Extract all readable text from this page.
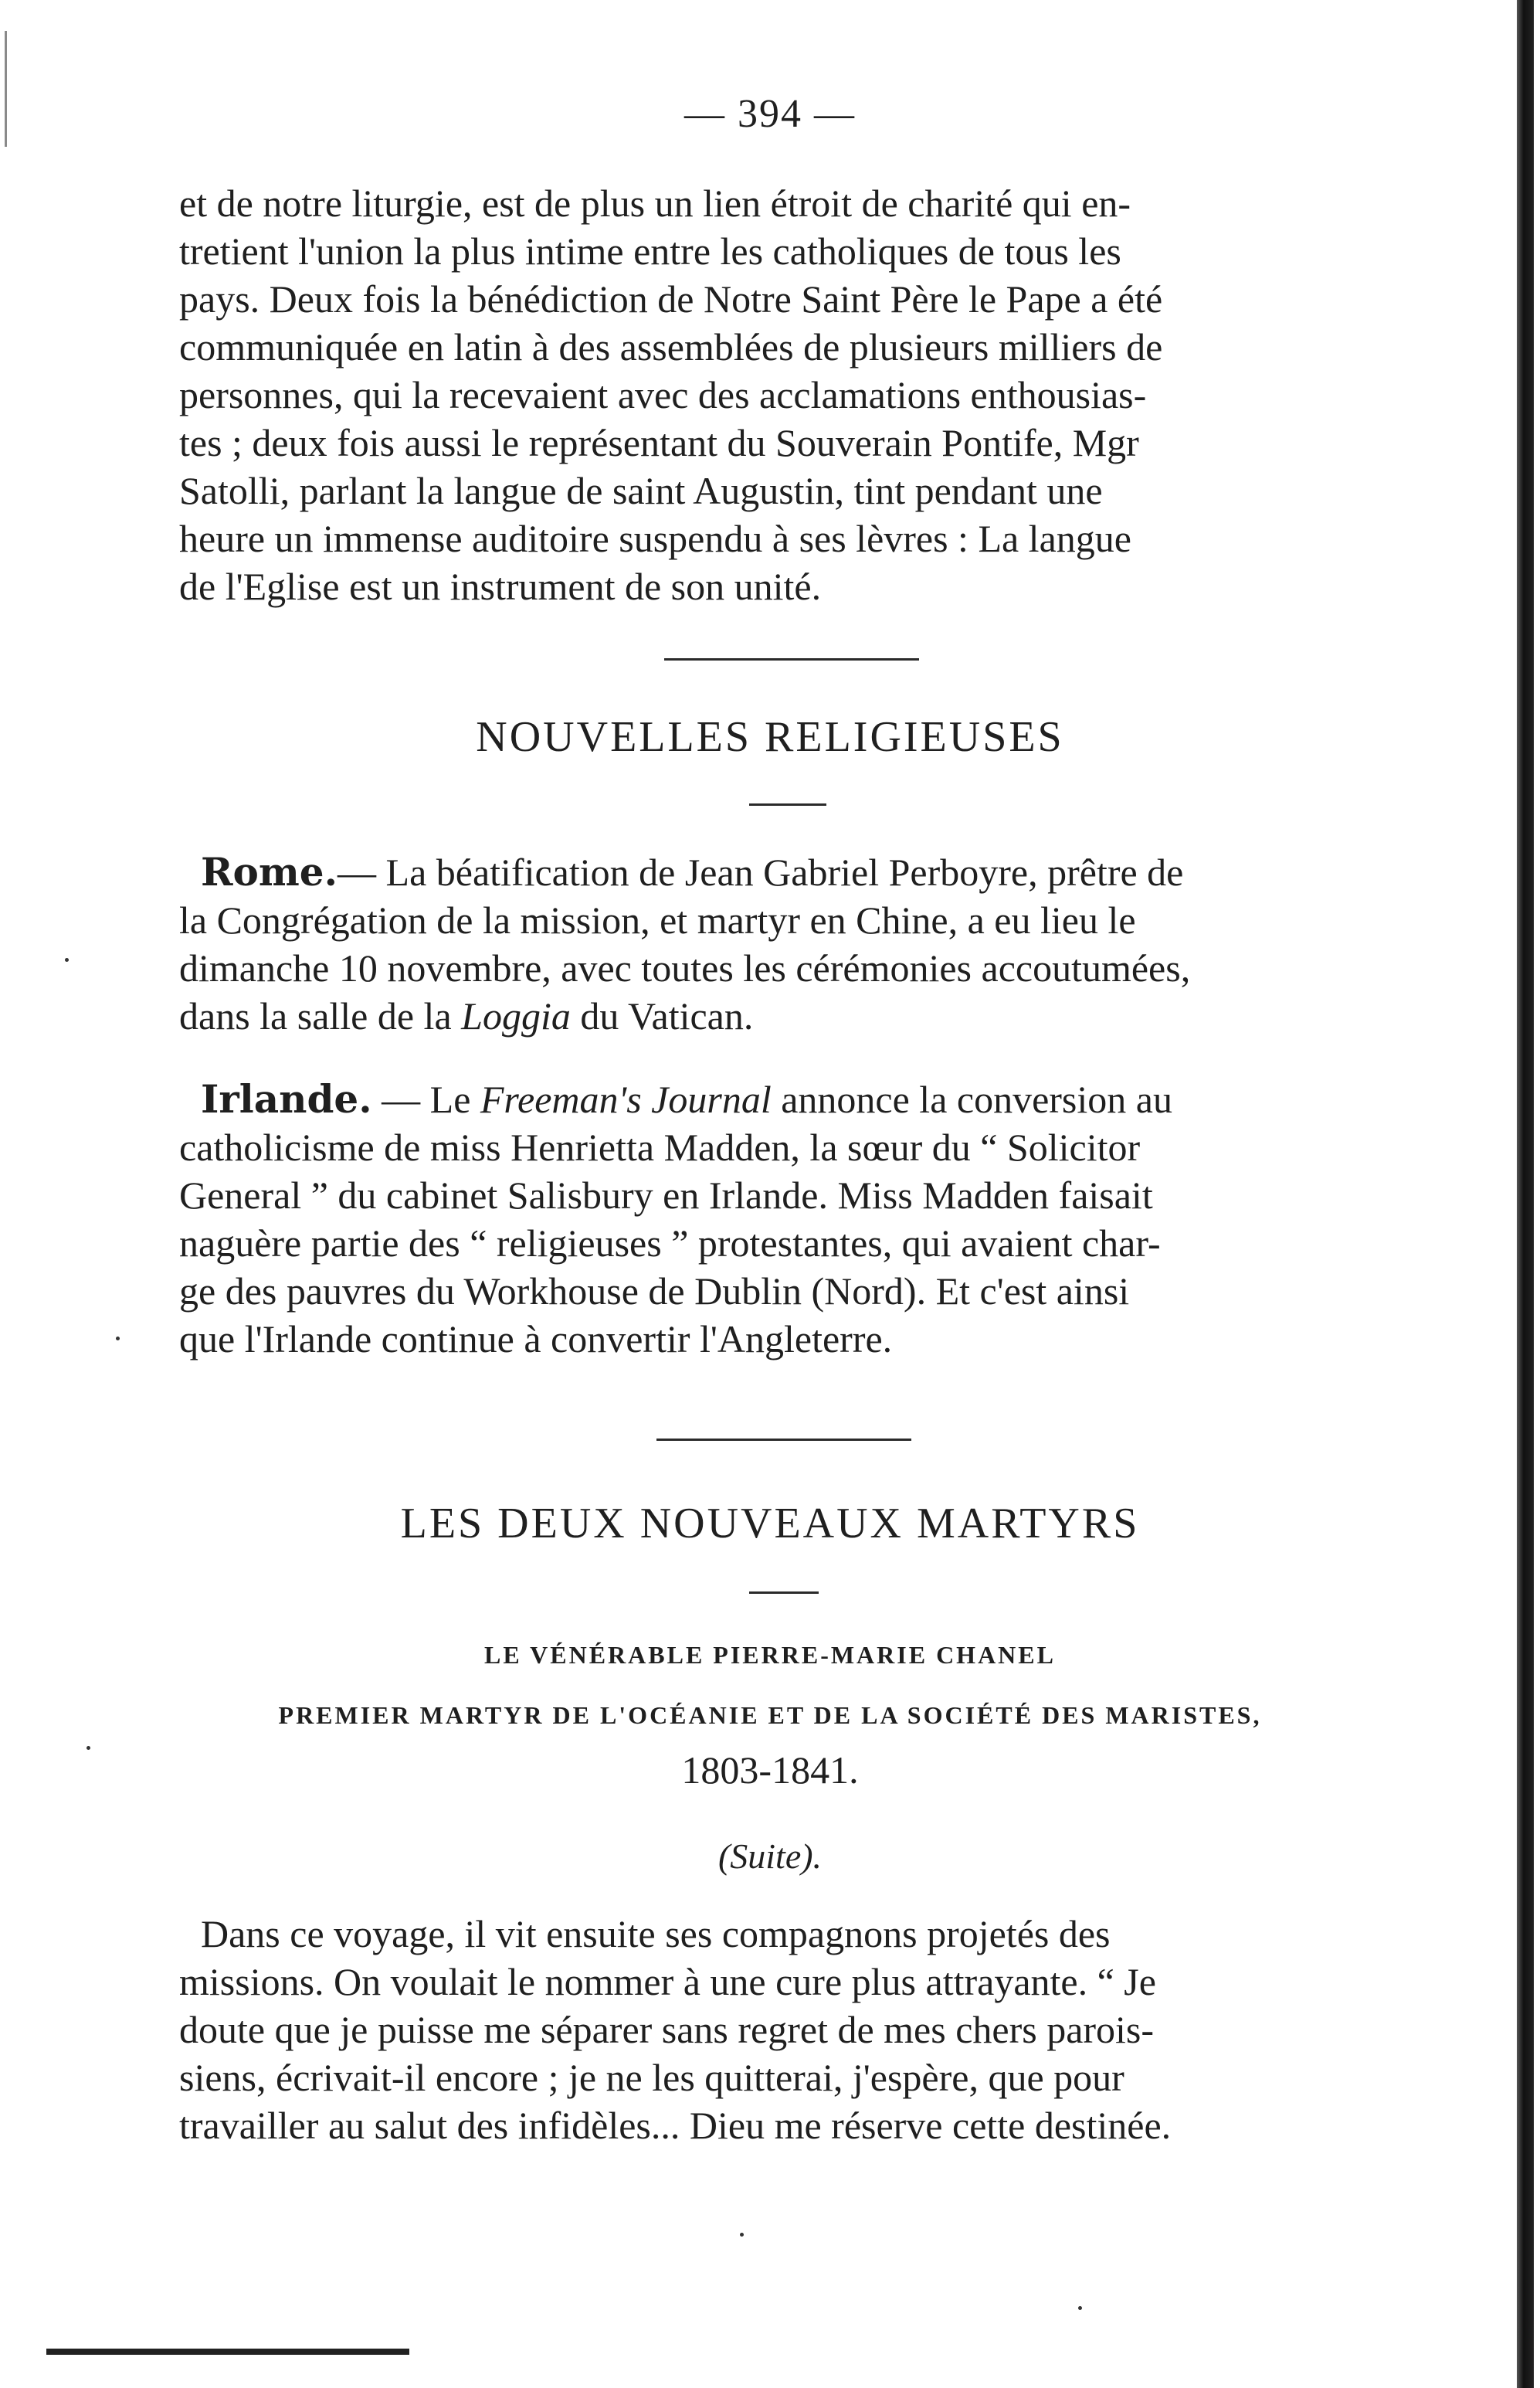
— 394 —

et de notre liturgie, est de plus un lien étroit de charité qui en-

tretient l'union la plus intime entre les catholiques de tous les

pays. Deux fois la bénédiction de Notre Saint Père le Pape a été

communiquée en latin à des assemblées de plusieurs milliers de

personnes, qui la recevaient avec des acclamations enthousias-

tes ; deux fois aussi le représentant du Souverain Pontife, Mgr

Satolli, parlant la langue de saint Augustin, tint pendant une

heure un immense auditoire suspendu à ses lèvres : La langue

de l'Eglise est un instrument de son unité.

NOUVELLES RELIGIEUSES

Rome.— La béatification de Jean Gabriel Perboyre, prêtre de

la Congrégation de la mission, et martyr en Chine, a eu lieu le

dimanche 10 novembre, avec toutes les cérémonies accoutumées,

dans la salle de la Loggia du Vatican.

Irlande. — Le Freeman's Journal annonce la conversion au

catholicisme de miss Henrietta Madden, la sœur du “ Solicitor

General ” du cabinet Salisbury en Irlande. Miss Madden faisait

naguère partie des “ religieuses ” protestantes, qui avaient char-

ge des pauvres du Workhouse de Dublin (Nord). Et c'est ainsi

que l'Irlande continue à convertir l'Angleterre.

LES DEUX NOUVEAUX MARTYRS
LE VÉNÉRABLE PIERRE-MARIE CHANEL
PREMIER MARTYR DE L'OCÉANIE ET DE LA SOCIÉTÉ DES MARISTES,
1803-1841.
(Suite).

Dans ce voyage, il vit ensuite ses compagnons projetés des

missions. On voulait le nommer à une cure plus attrayante. “ Je

doute que je puisse me séparer sans regret de mes chers parois-

siens, écrivait-il encore ; je ne les quitterai, j'espère, que pour

travailler au salut des infidèles... Dieu me réserve cette destinée.
